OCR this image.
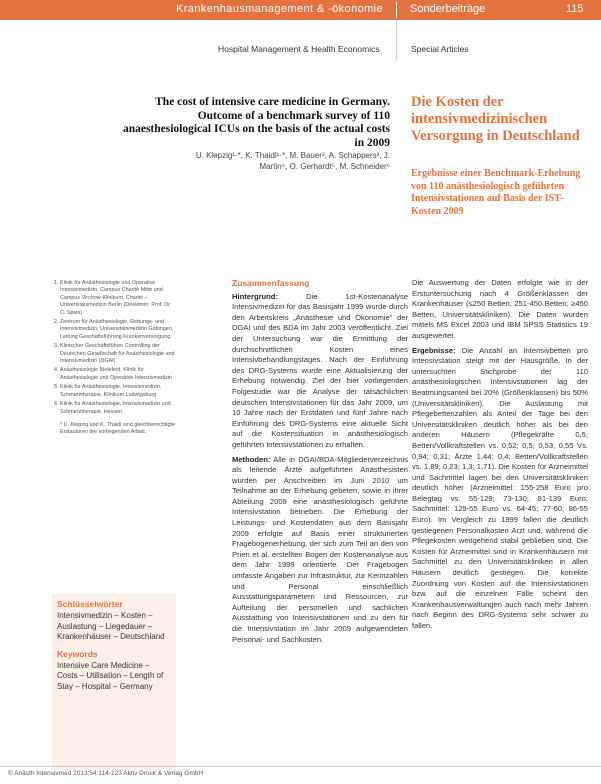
Krankenhausmanagement & -ökonomie Sonderbeiträge	115
Hospital Management & Health Economics	Special Articles
The cost of intensive care medicine in Germany. Outcome of a benchmark survey of 110 anaesthesiological ICUs on the basis of the actual costs in 2009
U. Klepzig¹·*, K. Thaidl¹·*, M. Bauer², A. Schappers³, J. Martin⁴, O. Gerhardt⁵, M. Schneider⁶
Die Kosten der intensivmedizinischen Versorgung in Deutschland
Ergebnisse einer Benchmark-Erhebung von 110 anästhesiologisch geführten Intensivstationen auf Basis der IST-Kosten 2009
1. Klinik für Anästhesiologie und Operative Intensivmedizin, Campus Charité Mitte und Campus Virchow-Klinikum, Charité – Universitätsmedizin Berlin (Direktorin: Prof. Dr. C. Spies)
2. Zentrum für Anästhesiologie, Rettungs- und Intensivmedizin, Universitätsmedizin Göttingen, Leitung Geschäftsführung Krankenversorgung
3. Klinischer Geschäftsführer Controlling der Deutschen Gesellschaft für Anästhesiologie und Intensivmedizin (DGAI)
4. Anästhesiologie Bielefeld, Klinik für Anästhesiologie und Operative Intensivmedizin
5. Klinik für Anästhesiologie, Intensivmedizin, Schmerztherapie, Klinikum Ludwigsburg
6. Klinik für Anästhesiologie, Intensivmedizin und Schmerztherapie, Hessen
* U. Klepzig und K. Thaidl sind gleichberechtigte Erstautoren der vorliegenden Arbeit.
Schlüsselwörter
Intensivmedizin – Kosten – Auslastung – Liegedauer – Krankenhäuser – Deutschland
Keywords
Intensive Care Medicine – Costs – Utilisation – Length of Stay – Hospital – Germany
Zusammenfassung

Hintergrund:	Die 1st-Kostenanalyse Intensivmedizin für das Basisjahr 1999 wurde durch den Arbeitskreis „Anästhesie und Ökonomie" der DGAI und des BDA im Jahr 2003 veröffentlicht. Ziel der Untersuchung war die Ermittlung der durchschnittlichen Kosten eines Intensivbehandlungstages. Nach der Einführung des DRG-Systems wurde eine Aktualisierung der Erhebung notwendig. Ziel der hier vorliegenden Folgestudie war die Analyse der tatsächlichen deutschen Intensivstationen für das Jahr 2009, um 10 Jahre nach der Erstdaten und fünf Jahre nach Einführung des DRG-Systems eine aktuelle Sicht auf die Kostensituation in anästhesiologisch geführten Intensivstationen zu erhalten.

Methoden: Alle in DGAI/BDA-Mitgliederverzeichnis als leitende Ärzte aufgeführten Anästhesisten wurden per Anschreiben im Juni 2010 um Teilnahme an der Erhebung gebeten, sowie in ihrer Abteilung 2009 eine anästhesiologisch geführte Intensivstation betrieben. Die Erhebung der Leistungs- und Kostendaten aus dem Basisjahr 2009 erfolgte auf Basis einer strukturierten Fragebogenerhebung, der sich zum Teil an den von Prien et al. erstellten Bogen der Kostenanalyse aus dem Jahr 1999 orientierte. Der Fragebogen umfasste Angaben zur Infrastruktur, zur Kennzahlen und Personal einschließlich Ausstattungsparametern und Ressourcen, zur Aufteilung der personellen und sachlichen Ausstattung von Intensivstationen und zu den für die Intensivstation im Jahr 2009 aufgewendeten Personal- und Sachkosten.

Die Auswertung der Daten erfolgte wie in der Erstuntersuchung nach 4 Größenklassen der Krankenhäuser (≤250 Betten; 251-450 Betten; ≥450 Betten, Universitätskliniken). Die Daten wurden mittels MS Excel 2003 und IBM SPSS Statistics 19 ausgewertet.

Ergebnisse: Die Anzahl an Intensivbetten pro Intensivstation steigt mit der Hausgröße. In der untersuchten Stichprobe der 110 anästhesiologischen Intensivstationen lag der Beatmungsanteil bei 20% (Größenklassen) bis 50% (Universitätskliniken). Die Auslastung mit Pflegebettenzahlen als Anteil der Tage bei den Universitätskliniken deutlich höher als bei den anderen Häusern (Pflegekräfte 0,5; Betten/Vollkraftstellen vs. 0,52; 0,5; 0,53; 0,55 Vs. 0,94; 0,31; Ärzte 1,44; 0,4; Betten/Vollkraftstellen vs. 1,89; 0,23; 1,3; 1,71). Die Kosten für Arzneimittel und Sachmittel lagen bei den Universitätskliniken deutlich höher (Arzneimittel: 155-258 Euro pro Belegtag vs. 55-129; 73-130; 81-139 Euro; Sachmittel: 129-55 Euro vs. 64-45; 77-60; 86-55 Euro). Im Vergleich zu 1999 fallen die deutlich gestiegenen Personalkosten Arzt und, während die Pflegekosten weitgehend stabil geblieben sind. Die Kosten für Arzneimittel sind in Krankenhäusern mit Sachmittel zu den Universitätskliniken in allen Häusern deutlich gestiegen. Die korrekte Zuordnung von Kosten auf die Intensivstationen bzw. auf die einzelnen Fälle scheint den Krankenhausverwaltungen auch nach mehr Jahren nach Beginn des DRG-Systems sehr schwer zu fallen.

© Anästh Intensivmed 2013;54:114-123 Aktiv Druck & Verlag GmbH
